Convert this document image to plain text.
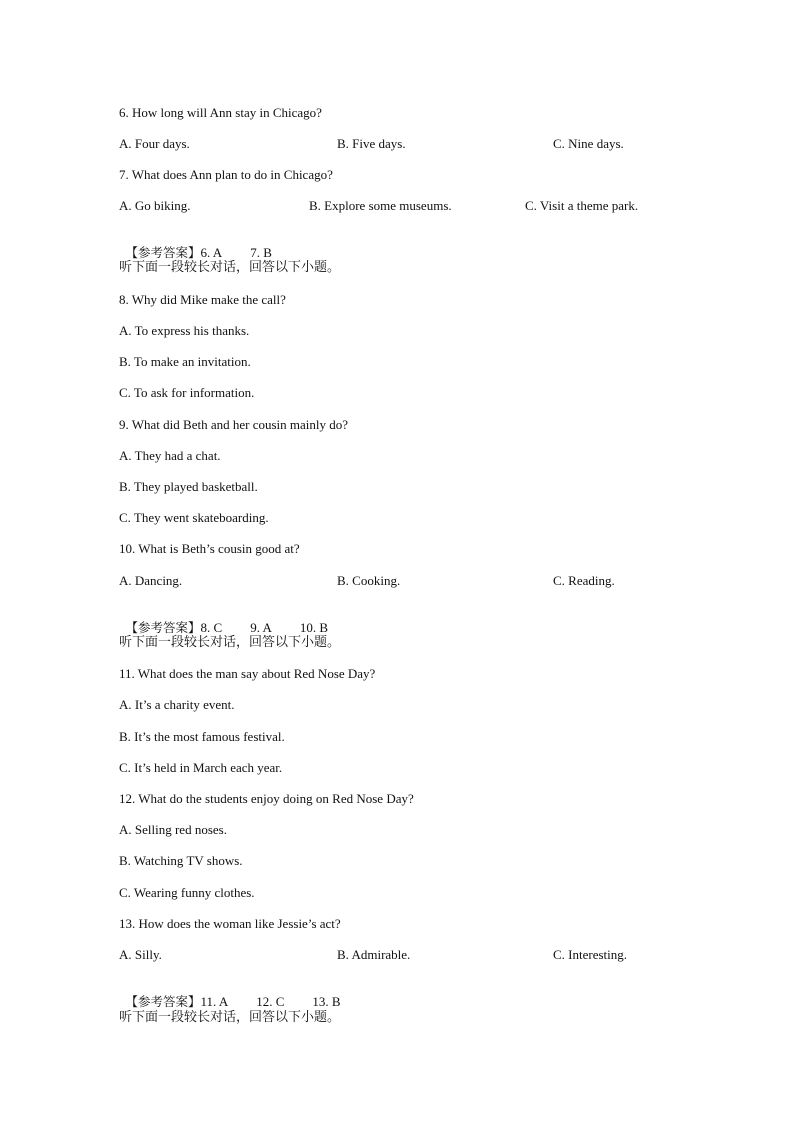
6. How long will Ann stay in Chicago?
A. Four days.	B. Five days.	C. Nine days.
7. What does Ann plan to do in Chicago?
A. Go biking.	B. Explore some museums.	C. Visit a theme park.

【参考答案】6. A 7. B

听下面一段较长对话，回答以下小题。
8. Why did Mike make the call?
A. To express his thanks.
B. To make an invitation.
C. To ask for information.
9. What did Beth and her cousin mainly do?
A. They had a chat.
B. They played basketball.
C. They went skateboarding.
10. What is Beth’s cousin good at?
A. Dancing.	B. Cooking.	C. Reading.

【参考答案】8. C 9. A 10. B

听下面一段较长对话，回答以下小题。
11. What does the man say about Red Nose Day?
A. It’s a charity event.
B. It’s the most famous festival.
C. It’s held in March each year.
12. What do the students enjoy doing on Red Nose Day?
A. Selling red noses.
B. Watching TV shows.
C. Wearing funny clothes.
13. How does the woman like Jessie’s act?
A. Silly.	B. Admirable.	C. Interesting.

【参考答案】11. A 12. C 13. B

听下面一段较长对话，回答以下小题。
